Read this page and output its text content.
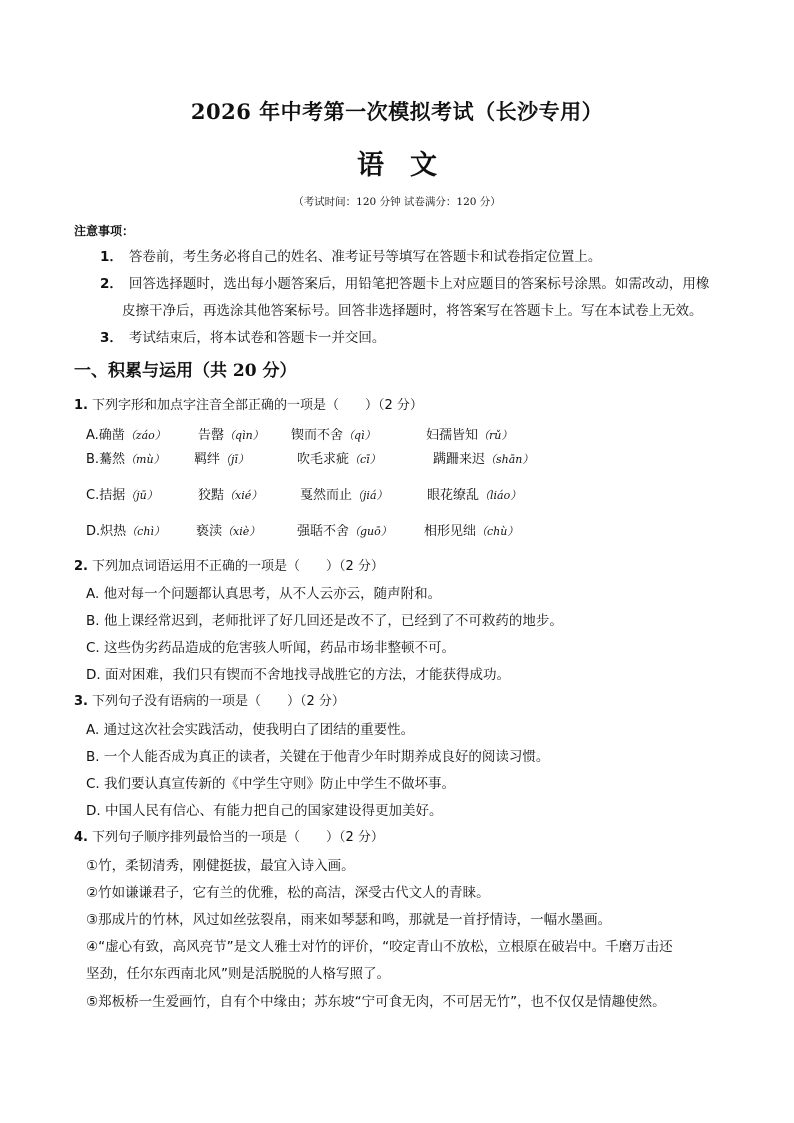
2026 年中考第一次模拟考试（长沙专用）
语文
（考试时间：120 分钟 试卷满分：120 分）
注意事项：
1． 答卷前，考生务必将自己的姓名、准考证号等填写在答题卡和试卷指定位置上。
2． 回答选择题时，选出每小题答案后，用铅笔把答题卡上对应题目的答案标号涂黑。如需改动，用橡
皮擦干净后，再选涂其他答案标号。回答非选择题时，将答案写在答题卡上。写在本试卷上无效。
3． 考试结束后，将本试卷和答题卡一并交回。
一、积累与运用（共 20 分）
1. 下列字形和加点字注音全部正确的一项是（　　）（2 分）
A.确凿（záo） 告罄（qìn） 锲而不舍（qì）	妇孺皆知（rǔ）
B.驀然（mù） 羁绊（jī）	吹毛求疵（cī）	蹒跚来迟（shān）
C.拮据（jū）	狡黠（xié）	戛然而止（jiá）	眼花缭乱（liáo）
D.炽热（chì） 亵渎（xiè）	强聒不舍（guō） 相形见绌（chù）
2. 下列加点词语运用不正确的一项是（　　）（2 分）
A. 他对每一个问题都认真思考，从不人云亦云，随声附和。
B. 他上课经常迟到，老师批评了好几回还是改不了，已经到了不可救药的地步。
C. 这些伪劣药品造成的危害骇人听闻，药品市场非整顿不可。
D. 面对困难，我们只有锲而不舍地找寻战胜它的方法，才能获得成功。
3. 下列句子没有语病的一项是（　　）（2 分）
A. 通过这次社会实践活动，使我明白了团结的重要性。
B. 一个人能否成为真正的读者，关键在于他青少年时期养成良好的阅读习惯。
C. 我们要认真宣传新的《中学生守则》防止中学生不做坏事。
D. 中国人民有信心、有能力把自己的国家建设得更加美好。
4. 下列句子顺序排列最恰当的一项是（　　）（2 分）
①竹，柔韧清秀，刚健挺拔，最宜入诗入画。
②竹如谦谦君子，它有兰的优雅，松的高洁，深受古代文人的青睐。
③那成片的竹林，风过如丝弦裂帛，雨来如琴瑟和鸣，那就是一首抒情诗，一幅水墨画。
④“虚心有致，高风亮节”是文人雅士对竹的评价，“咬定青山不放松，立根原在破岩中。千磨万击还
坚劲，任尔东西南北风”则是活脱脱的人格写照了。
⑤郑板桥一生爱画竹，自有个中缘由；苏东坡“宁可食无肉，不可居无竹”，也不仅仅是情趣使然。
